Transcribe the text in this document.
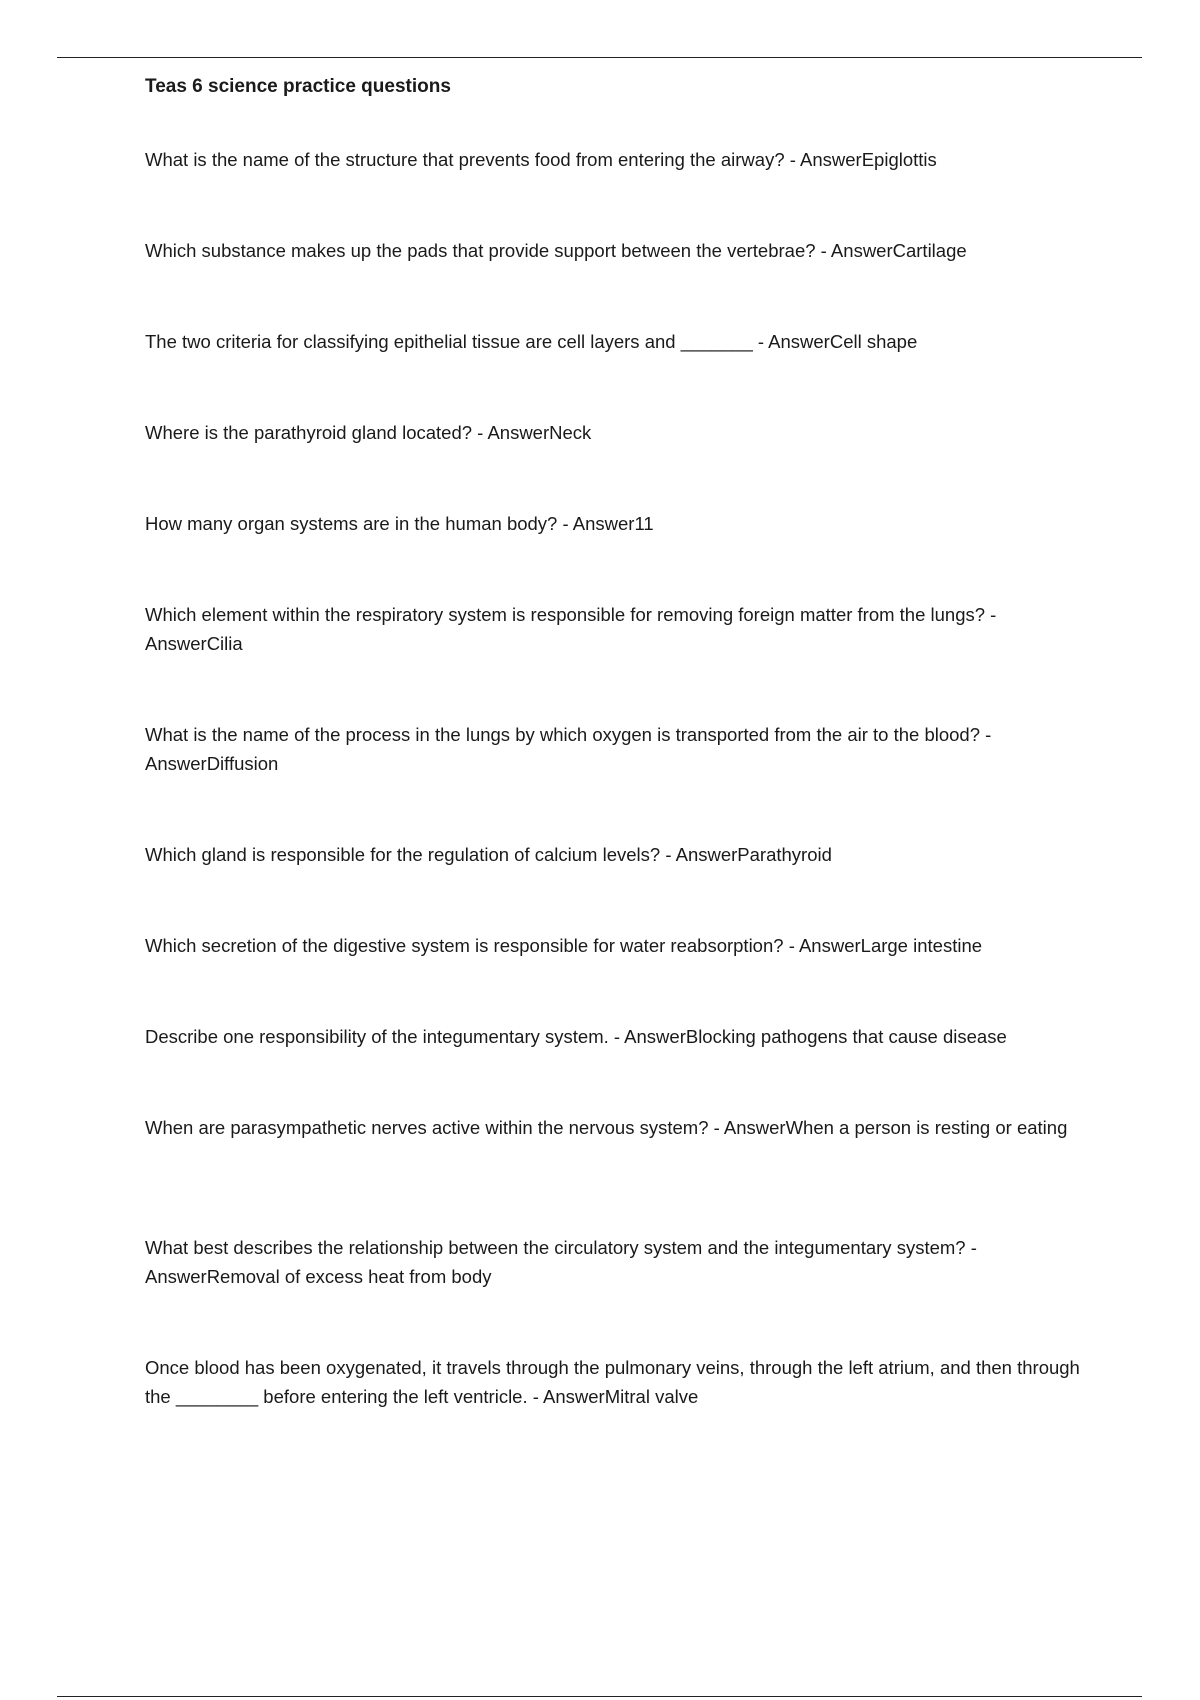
Teas 6 science practice questions

What is the name of the structure that prevents food from entering the airway? - AnswerEpiglottis

Which substance makes up the pads that provide support between the vertebrae? - AnswerCartilage

The two criteria for classifying epithelial tissue are cell layers and _______ - AnswerCell shape

Where is the parathyroid gland located? - AnswerNeck

How many organ systems are in the human body? - Answer11

Which element within the respiratory system is responsible for removing foreign matter from the lungs? - AnswerCilia

What is the name of the process in the lungs by which oxygen is transported from the air to the blood? - AnswerDiffusion

Which gland is responsible for the regulation of calcium levels? - AnswerParathyroid

Which secretion of the digestive system is responsible for water reabsorption? - AnswerLarge intestine

Describe one responsibility of the integumentary system. - AnswerBlocking pathogens that cause disease

When are parasympathetic nerves active within the nervous system? - AnswerWhen a person is resting or eating

What best describes the relationship between the circulatory system and the integumentary system? - AnswerRemoval of excess heat from body

Once blood has been oxygenated, it travels through the pulmonary veins, through the left atrium, and then through the ________ before entering the left ventricle. - AnswerMitral valve
